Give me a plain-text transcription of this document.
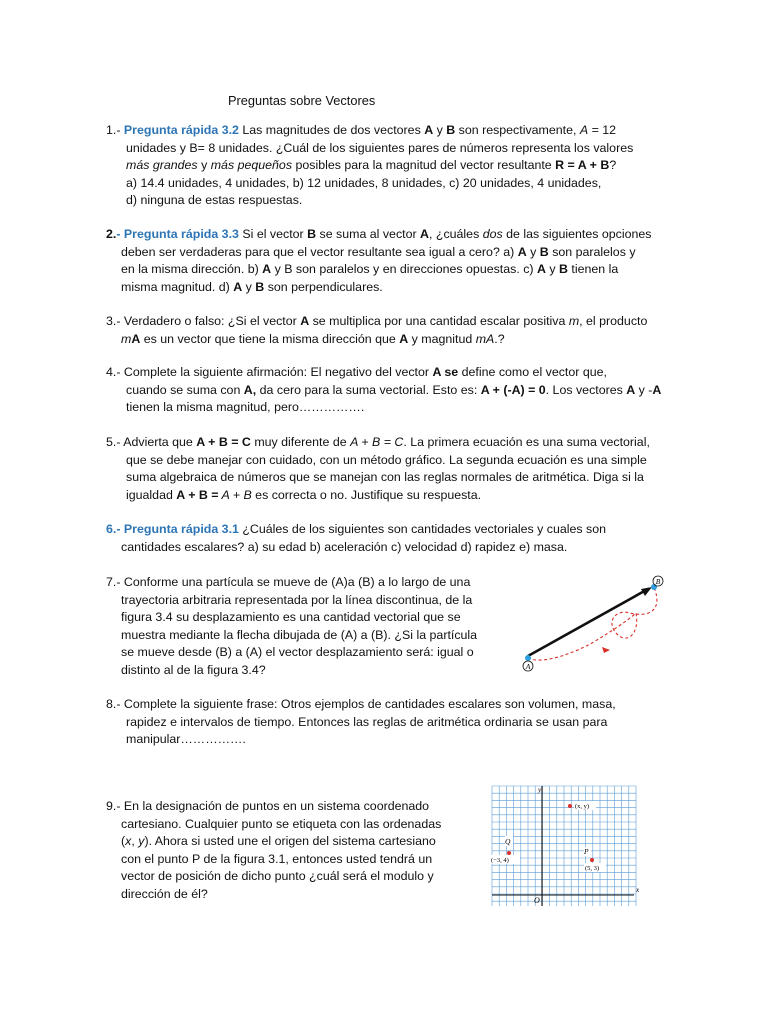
Preguntas sobre Vectores
1.- Pregunta rápida 3.2 Las magnitudes de dos vectores A y B son respectivamente, A = 12
unidades y B= 8 unidades. ¿Cuál de los siguientes pares de números representa los valores
más grandes y más pequeños posibles para la magnitud del vector resultante R = A + B?
a) 14.4 unidades, 4 unidades, b) 12 unidades, 8 unidades, c) 20 unidades, 4 unidades,
d) ninguna de estas respuestas.
2.- Pregunta rápida 3.3 Si el vector B se suma al vector A, ¿cuáles dos de las siguientes opciones
deben ser verdaderas para que el vector resultante sea igual a cero? a) A y B son paralelos y
en la misma dirección. b) A y B son paralelos y en direcciones opuestas. c) A y B tienen la
misma magnitud. d) A y B son perpendiculares.
3.- Verdadero o falso: ¿Si el vector A se multiplica por una cantidad escalar positiva m, el producto
mA es un vector que tiene la misma dirección que A y magnitud mA.?
4.- Complete la siguiente afirmación: El negativo del vector A se define como el vector que,
cuando se suma con A, da cero para la suma vectorial. Esto es: A + (-A) = 0. Los vectores A y -A
tienen la misma magnitud, pero…………….
5.- Advierta que A + B = C muy diferente de A + B = C. La primera ecuación es una suma vectorial,
que se debe manejar con cuidado, con un método gráfico. La segunda ecuación es una simple
suma algebraica de números que se manejan con las reglas normales de aritmética. Diga si la
igualdad A + B = A + B es correcta o no. Justifique su respuesta.
6.- Pregunta rápida 3.1 ¿Cuáles de los siguientes son cantidades vectoriales y cuales son
cantidades escalares? a) su edad b) aceleración c) velocidad d) rapidez e) masa.
7.- Conforme una partícula se mueve de (A)a (B) a lo largo de una
trayectoria arbitraria representada por la línea discontinua, de la
figura 3.4 su desplazamiento es una cantidad vectorial que se
muestra mediante la flecha dibujada de (A) a (B). ¿Si la partícula
se mueve desde (B) a (A) el vector desplazamiento será: igual o
distinto al de la figura 3.4?	A
B
8.- Complete la siguiente frase: Otros ejemplos de cantidades escalares son volumen, masa,
rapidez e intervalos de tiempo. Entonces las reglas de aritmética ordinaria se usan para
manipular…………….
9.- En la designación de puntos en un sistema coordenado
cartesiano. Cualquier punto se etiqueta con las ordenadas
(x, y). Ahora si usted une el origen del sistema cartesiano
con el punto P de la figura 3.1, entonces usted tendrá un
vector de posición de dicho punto ¿cuál será el modulo y
dirección de él?
y
x
O
(x, y)
Q
(−3, 4)
P
(5, 3)
